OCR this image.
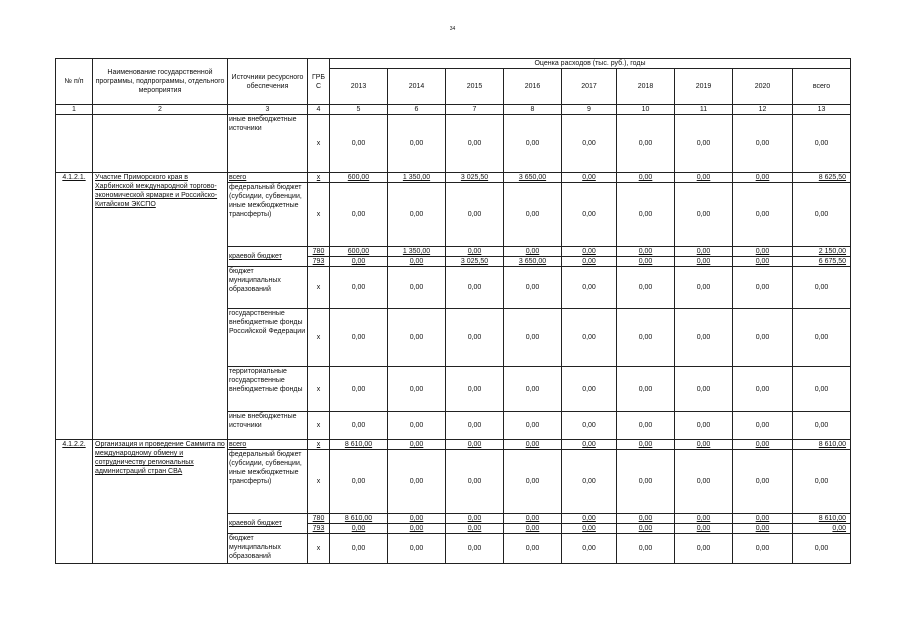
34
№ п/п	Наименование государственной программы, подпрограммы, отдельного мероприятия	Источники ресурсного обеспечения	ГРБ С	Оценка расходов (тыс. руб.), годы								
				2013	2014	2015	2016	2017	2018	2019	2020	всего
1	2	3	4	5	6	7	8	9	10	11	12	13
		иные внебюджетные источники	x	0,00	0,00	0,00	0,00	0,00	0,00	0,00	0,00	0,00
4.1.2.1.	Участие Приморского края в Харбинской международной торгово-экономической ярмарке и Российско-Китайском ЭКСПО	всего	x	600,00	1 350,00	3 025,50	3 650,00	0,00	0,00	0,00	0,00	8 625,50
		федеральный бюджет (субсидии, субвенции, иные межбюджетные трансферты)	x	0,00	0,00	0,00	0,00	0,00	0,00	0,00	0,00	0,00
		краевой бюджет	780	600,00	1 350,00	0,00	0,00	0,00	0,00	0,00	0,00	2 150,00
			793	0,00	0,00	3 025,50	3 650,00	0,00	0,00	0,00	0,00	6 675,50
		бюджет муниципальных образований	x	0,00	0,00	0,00	0,00	0,00	0,00	0,00	0,00	0,00
		государственные внебюджетные фонды Российской Федерации	x	0,00	0,00	0,00	0,00	0,00	0,00	0,00	0,00	0,00
		территориальные государственные внебюджетные фонды	x	0,00	0,00	0,00	0,00	0,00	0,00	0,00	0,00	0,00
		иные внебюджетные источники	x	0,00	0,00	0,00	0,00	0,00	0,00	0,00	0,00	0,00
4.1.2.2.	Организация и проведение Саммита по международному обмену и сотрудничеству региональных администраций стран СВА	всего	x	8 610,00	0,00	0,00	0,00	0,00	0,00	0,00	0,00	8 610,00
		федеральный бюджет (субсидии, субвенции, иные межбюджетные трансферты)	x	0,00	0,00	0,00	0,00	0,00	0,00	0,00	0,00	0,00
		краевой бюджет	780	8 610,00	0,00	0,00	0,00	0,00	0,00	0,00	0,00	8 610,00
			793	0,00	0,00	0,00	0,00	0,00	0,00	0,00	0,00	0,00
		бюджет муниципальных образований	x	0,00	0,00	0,00	0,00	0,00	0,00	0,00	0,00	0,00
